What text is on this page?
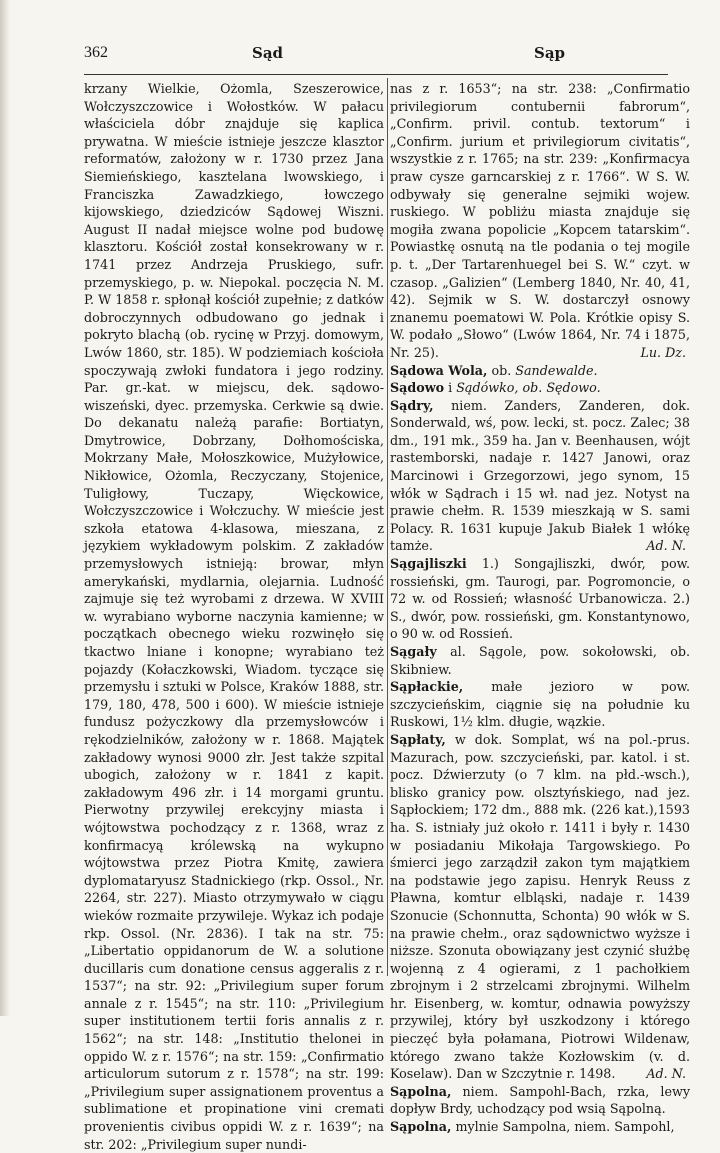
362	Sąd	Sąp

krzany Wielkie, Ożomla, Szeszerowice, Wołczyszczowice i Wołostków. W pałacu właściciela dóbr znajduje się kaplica prywatna. W mieście istnieje jeszcze klasztor reformatów, założony w r. 1730 przez Jana Siemieńskiego, kasztelana lwowskiego, i Franciszka Zawadzkiego, łowczego kijowskiego, dziedziców Sądowej Wiszni. August II nadał miejsce wolne pod budowę klasztoru. Kościół został konsekrowany w r. 1741 przez Andrzeja Pruskiego, sufr. przemyskiego, p. w. Niepokal. poczęcia N. M. P. W 1858 r. spłonął kościół zupełnie; z datków dobroczynnych odbudowano go jednak i pokryto blachą (ob. rycinę w Przyj. domowym, Lwów 1860, str. 185). W podziemiach kościoła spoczywają zwłoki fundatora i jego rodziny. Par. gr.-kat. w miejscu, dek. sądowo-wiszeński, dyec. przemyska. Cerkwie są dwie. Do dekanatu należą parafie: Bortiatyn, Dmytrowice, Dobrzany, Dołhomościska, Mokrzany Małe, Mołoszkowice, Mużyłowice, Nikłowice, Ożomla, Reczyczany, Stojenice, Tuligłowy, Tuczapy, Więckowice, Wołczyszczowice i Wołczuchy. W mieście jest szkoła etatowa 4-klasowa, mieszana, z językiem wykładowym polskim. Z zakładów przemysłowych istnieją: browar, młyn amerykański, mydlarnia, olejarnia. Ludność zajmuje się też wyrobami z drzewa. W XVIII w. wyrabiano wyborne naczynia kamienne; w początkach obecnego wieku rozwinęło się tkactwo lniane i konopne; wyrabiano też pojazdy (Kołaczkowski, Wiadom. tyczące się przemysłu i sztuki w Polsce, Kraków 1888, str. 179, 180, 478, 500 i 600). W mieście istnieje fundusz pożyczkowy dla przemysłowców i rękodzielników, założony w r. 1868. Majątek zakładowy wynosi 9000 złr. Jest także szpital ubogich, założony w r. 1841 z kapit. zakładowym 496 złr. i 14 morgami gruntu. Pierwotny przywilej erekcyjny miasta i wójtowstwa pochodzący z r. 1368, wraz z konfirmacyą królewską na wykupno wójtowstwa przez Piotra Kmitę, zawiera dyplomataryusz Stadnickiego (rkp. Ossol., Nr. 2264, str. 227). Miasto otrzymywało w ciągu wieków rozmaite przywileje. Wykaz ich podaje rkp. Ossol. (Nr. 2836). I tak na str. 75: „Libertatio oppidanorum de W. a solutione ducillaris cum donatione census aggeralis z r. 1537“; na str. 92: „Privilegium super forum annale z r. 1545“; na str. 110: „Privilegium super institutionem tertii foris annalis z r. 1562“; na str. 148: „Institutio thelonei in oppido W. z r. 1576“; na str. 159: „Confirmatio articulorum sutorum z r. 1578“; na str. 199: „Privilegium super assignationem proventus a sublimatione et propinatione vini cremati provenientis civibus oppidi W. z r. 1639“; na str. 202: „Privilegium super nundi-

nas z r. 1653“; na str. 238: „Confirmatio privilegiorum contubernii fabrorum“, „Confirm. privil. contub. textorum“ i „Confirm. jurium et privilegiorum civitatis“, wszystkie z r. 1765; na str. 239: „Konfirmacya praw cysze garncarskiej z r. 1766“. W S. W. odbywały się generalne sejmiki wojew. ruskiego. W pobliżu miasta znajduje się mogiła zwana popolicie „Kopcem tatarskim“. Powiastkę osnutą na tle podania o tej mogile p. t. „Der Tartarenhuegel bei S. W.“ czyt. w czasop. „Galizien“ (Lemberg 1840, Nr. 40, 41, 42). Sejmik w S. W. dostarczył osnowy znanemu poematowi W. Pola. Krótkie opisy S. W. podało „Słowo“ (Lwów 1864, Nr. 74 i 1875, Nr. 25).	Lu. Dz.

Sądowa Wola, ob. Sandewalde.

Sądowo i Sądówko, ob. Sędowo.

Sądry, niem. Zanders, Zanderen, dok. Sonderwald, wś, pow. lecki, st. pocz. Zalec; 38 dm., 191 mk., 359 ha. Jan v. Beenhausen, wójt rastemborski, nadaje r. 1427 Janowi, oraz Marcinowi i Grzegorzowi, jego synom, 15 włók w Sądrach i 15 wł. nad jez. Notyst na prawie chełm. R. 1539 mieszkają w S. sami Polacy. R. 1631 kupuje Jakub Białek 1 włókę tamże.	Ad. N.

Sągajliszki 1.) Songajliszki, dwór, pow. rossieński, gm. Taurogi, par. Pogromoncie, o 72 w. od Rossień; własność Urbanowicza. 2.) S., dwór, pow. rossieński, gm. Konstantynowo, o 90 w. od Rossień.

Sągały al. Sągole, pow. sokołowski, ob. Skibniew.

Sąpłackie, małe jezioro w pow. szczycieńskim, ciągnie się na południe ku Ruskowi, 1½ klm. długie, wązkie.

Sąpłaty, w dok. Somplat, wś na pol.-prus. Mazurach, pow. szczycieński, par. katol. i st. pocz. Dźwierzuty (o 7 klm. na płd.-wsch.), blisko granicy pow. olsztyńskiego, nad jez. Sąpłockiem; 172 dm., 888 mk. (226 kat.),1593 ha. S. istniały już około r. 1411 i były r. 1430 w posiadaniu Mikołaja Targowskiego. Po śmierci jego zarządził zakon tym majątkiem na podstawie jego zapisu. Henryk Reuss z Pławna, komtur elbląski, nadaje r. 1439 Szonucie (Schonnutta, Schonta) 90 włók w S. na prawie chełm., oraz sądownictwo wyższe i niższe. Szonuta obowiązany jest czynić służbę wojenną z 4 ogierami, z 1 pachołkiem zbrojnym i 2 strzelcami zbrojnymi. Wilhelm hr. Eisenberg, w. komtur, odnawia powyższy przywilej, który był uszkodzony i którego pieczęć była połamana, Piotrowi Wildenaw, którego zwano także Kozłowskim (v. d. Koselaw). Dan w Szczytnie r. 1498. Ad. N.

Sąpolna, niem. Sampohl-Bach, rzka, lewy dopływ Brdy, uchodzący pod wsią Sąpolną.

Sąpolna, mylnie Sampolna, niem. Sampohl,
